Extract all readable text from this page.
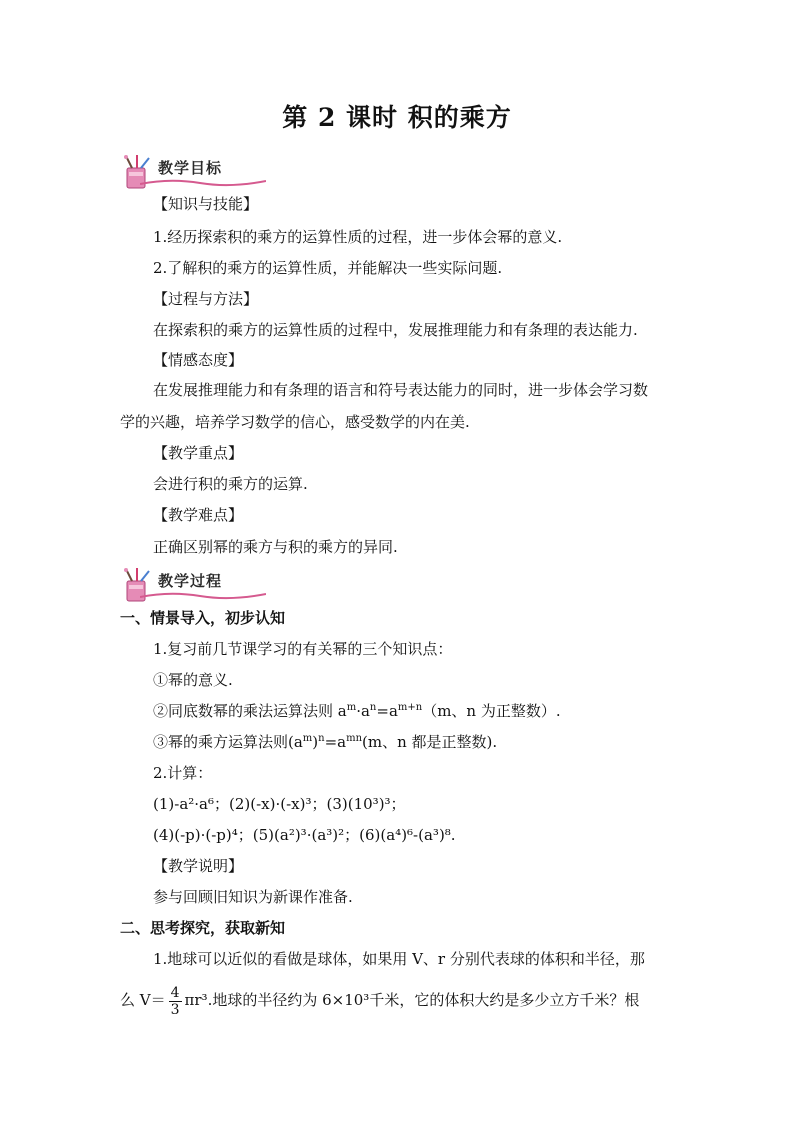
第 2 课时 积的乘方
教学目标
【知识与技能】
1.经历探索积的乘方的运算性质的过程，进一步体会幂的意义.
2.了解积的乘方的运算性质，并能解决一些实际问题.
【过程与方法】
在探索积的乘方的运算性质的过程中，发展推理能力和有条理的表达能力.
【情感态度】
在发展推理能力和有条理的语言和符号表达能力的同时，进一步体会学习数
学的兴趣，培养学习数学的信心，感受数学的内在美.
【教学重点】
会进行积的乘方的运算.
【教学难点】
正确区别幂的乘方与积的乘方的异同.
教学过程
一、情景导入，初步认知
1.复习前几节课学习的有关幂的三个知识点：
①幂的意义.
②同底数幂的乘法运算法则 $a^m\cdot a^n=a^{m+n}(m$、n 为正整数）.
③幂的乘方运算法则$(a^m)^n=a^{mn}(m$、n 都是正整数).
2.计算：
(1)-a²·a⁶；(2)(-x)·(-x)³；(3)(10³)³；
(4)(-p)·(-p)⁴；(5)(a²)³·(a³)²；(6)(a⁴)⁶-(a³)⁸.
【教学说明】
参与回顾旧知识为新课作准备.
二、思考探究，获取新知
1.地球可以近似的看做是球体，如果用 V、r 分别代表球的体积和半径，那
么 $V= \frac{4}{3} \pi r^3$.地球的半径约为 6×10³千米，它的体积大约是多少立方千米？根
